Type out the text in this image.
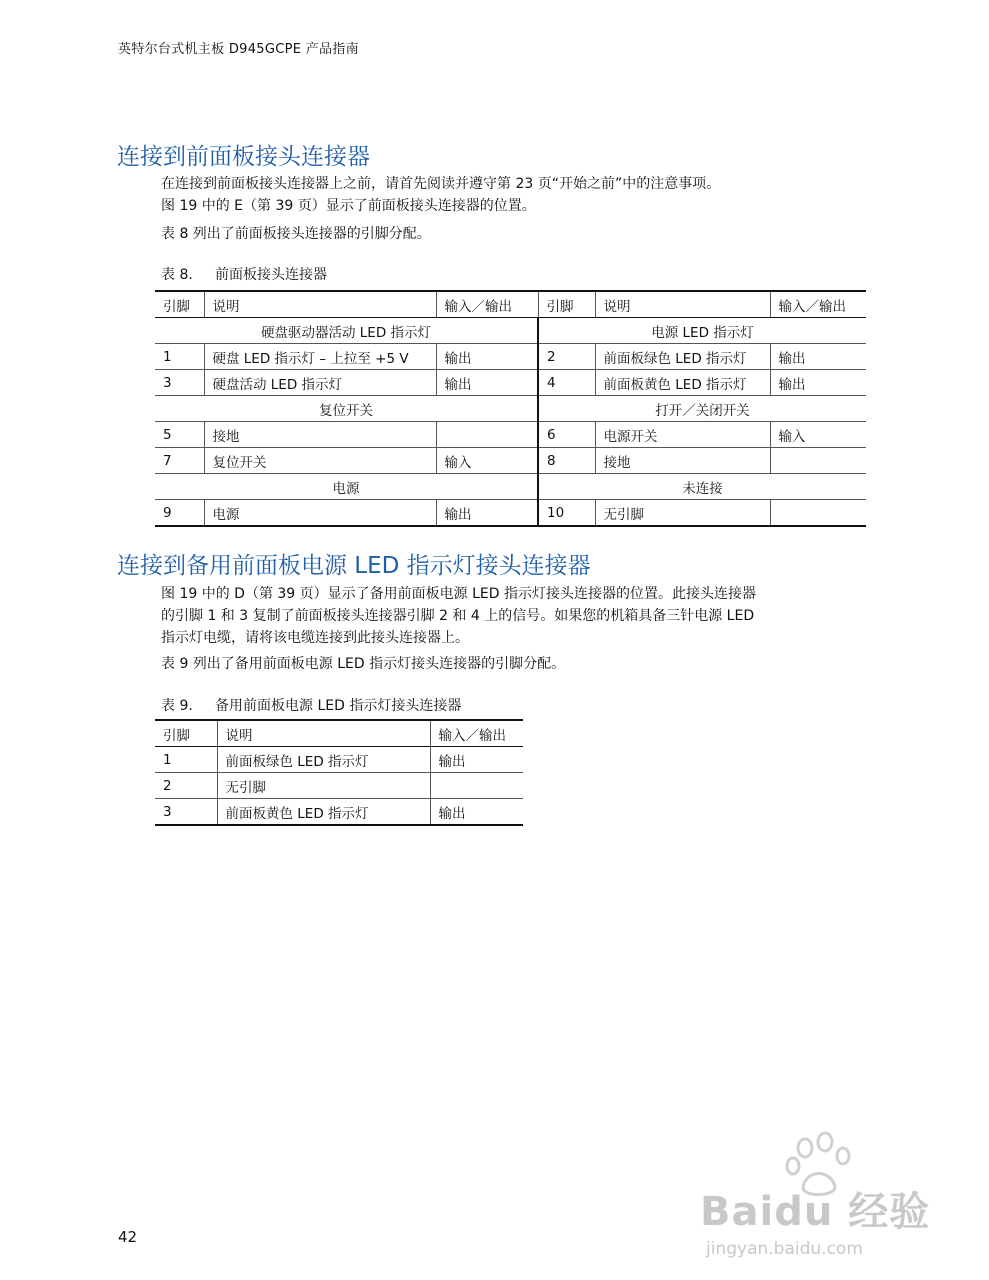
英特尔台式机主板 D945GCPE 产品指南
连接到前面板接头连接器
在连接到前面板接头连接器上之前，请首先阅读并遵守第 23 页“开始之前”中的注意事项。
图 19 中的 E（第 39 页）显示了前面板接头连接器的位置。
表 8 列出了前面板接头连接器的引脚分配。
表 8. 前面板接头连接器
引脚	说明	输入／输出	引脚	说明	输入／输出
硬盘驱动器活动 LED 指示灯			电源 LED 指示灯		
1	硬盘 LED 指示灯 – 上拉至 +5 V	输出	2	前面板绿色 LED 指示灯	输出
3	硬盘活动 LED 指示灯	输出	4	前面板黄色 LED 指示灯	输出
复位开关			打开／关闭开关		
5	接地		6	电源开关	输入
7	复位开关	输入	8	接地	
电源			未连接		
9	电源	输出	10	无引脚	
连接到备用前面板电源 LED 指示灯接头连接器
图 19 中的 D（第 39 页）显示了备用前面板电源 LED 指示灯接头连接器的位置。此接头连接器
的引脚 1 和 3 复制了前面板接头连接器引脚 2 和 4 上的信号。如果您的机箱具备三针电源 LED
指示灯电缆，请将该电缆连接到此接头连接器上。
表 9 列出了备用前面板电源 LED 指示灯接头连接器的引脚分配。
表 9. 备用前面板电源 LED 指示灯接头连接器
引脚	说明	输入／输出
1	前面板绿色 LED 指示灯	输出
2	无引脚	
3	前面板黄色 LED 指示灯	输出
42
Baidu 经验
jingyan.baidu.com
